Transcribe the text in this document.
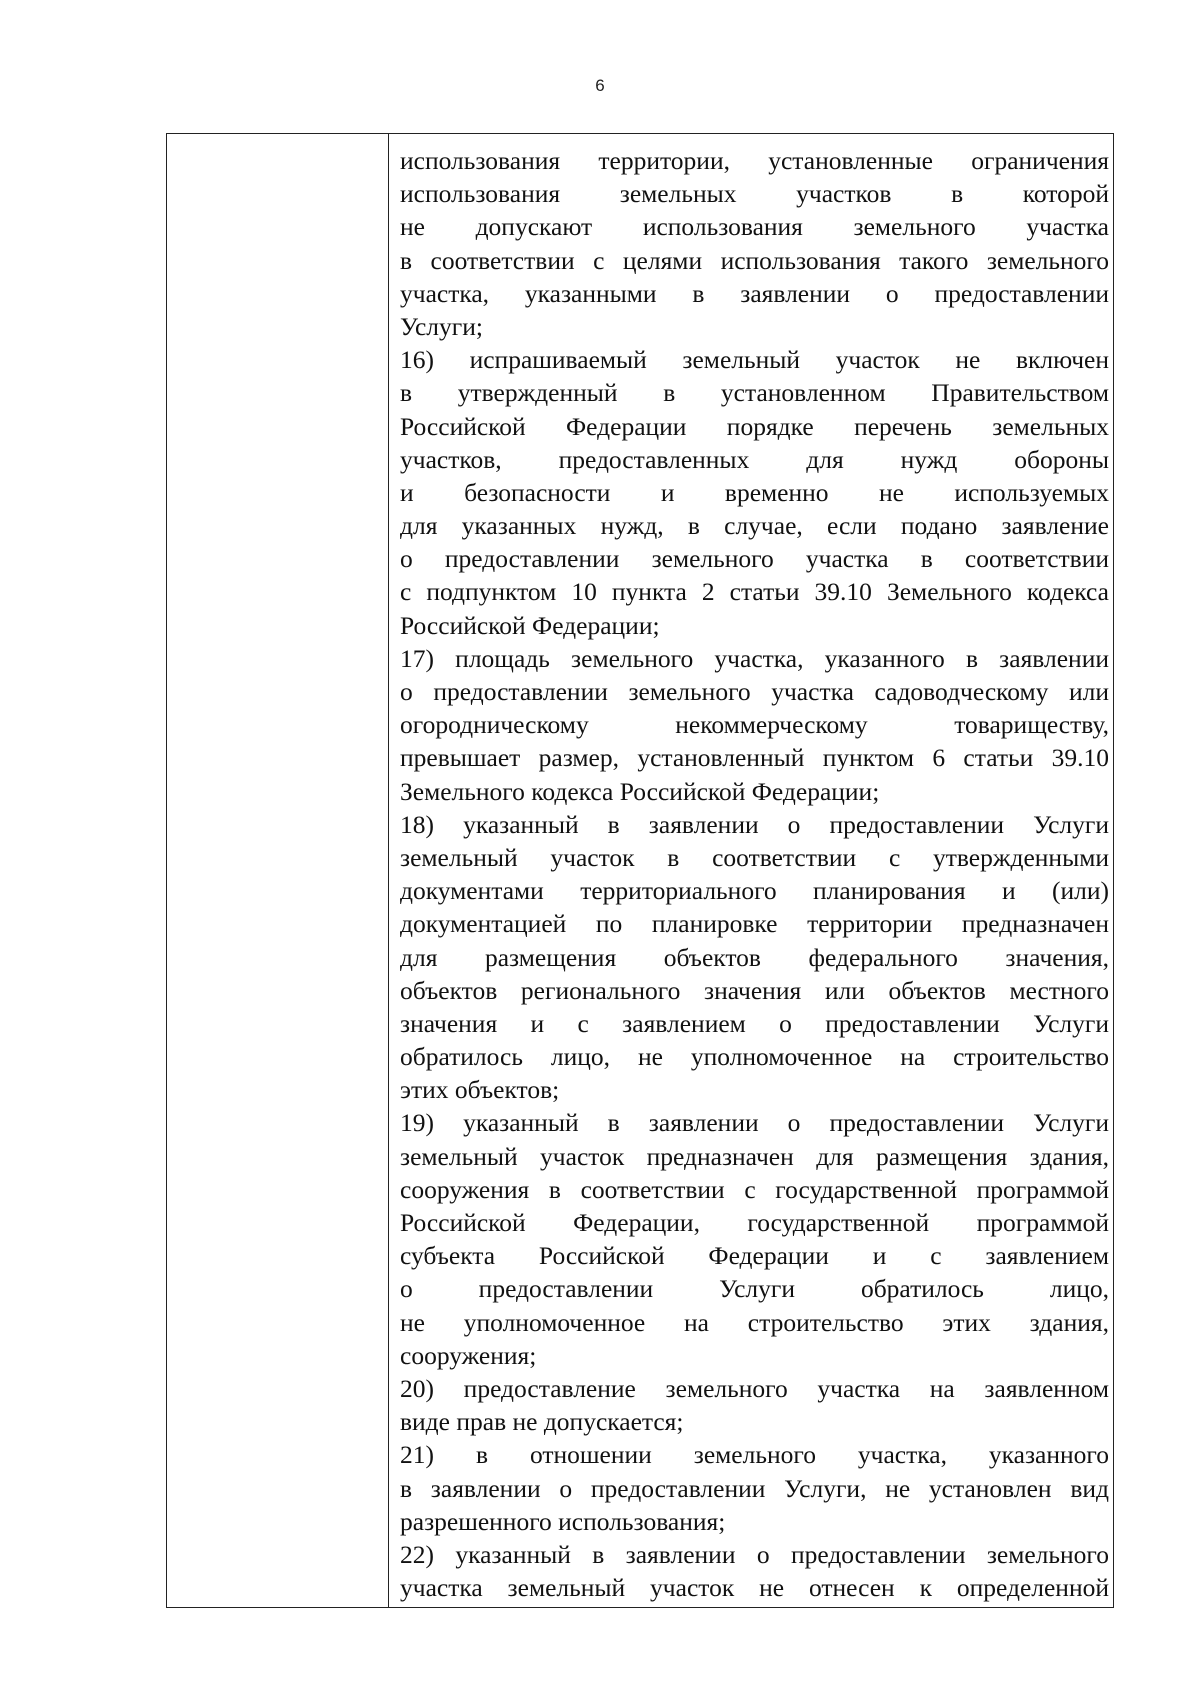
6
использования территории, установленные ограничения
использования земельных участков в которой
не допускают использования земельного участка
в соответствии с целями использования такого земельного
участка, указанными в заявлении о предоставлении
Услуги;
16) испрашиваемый земельный участок не включен
в утвержденный в установленном Правительством
Российской Федерации порядке перечень земельных
участков, предоставленных для нужд обороны
и безопасности и временно не используемых
для указанных нужд, в случае, если подано заявление
о предоставлении земельного участка в соответствии
с подпунктом 10 пункта 2 статьи 39.10 Земельного кодекса
Российской Федерации;
17) площадь земельного участка, указанного в заявлении
о предоставлении земельного участка садоводческому или
огородническому некоммерческому товариществу,
превышает размер, установленный пунктом 6 статьи 39.10
Земельного кодекса Российской Федерации;
18) указанный в заявлении о предоставлении Услуги
земельный участок в соответствии с утвержденными
документами территориального планирования и (или)
документацией по планировке территории предназначен
для размещения объектов федерального значения,
объектов регионального значения или объектов местного
значения и с заявлением о предоставлении Услуги
обратилось лицо, не уполномоченное на строительство
этих объектов;
19) указанный в заявлении о предоставлении Услуги
земельный участок предназначен для размещения здания,
сооружения в соответствии с государственной программой
Российской Федерации, государственной программой
субъекта Российской Федерации и с заявлением
о предоставлении Услуги обратилось лицо,
не уполномоченное на строительство этих здания,
сооружения;
20) предоставление земельного участка на заявленном
виде прав не допускается;
21) в отношении земельного участка, указанного
в заявлении о предоставлении Услуги, не установлен вид
разрешенного использования;
22) указанный в заявлении о предоставлении земельного
участка земельный участок не отнесен к определенной
